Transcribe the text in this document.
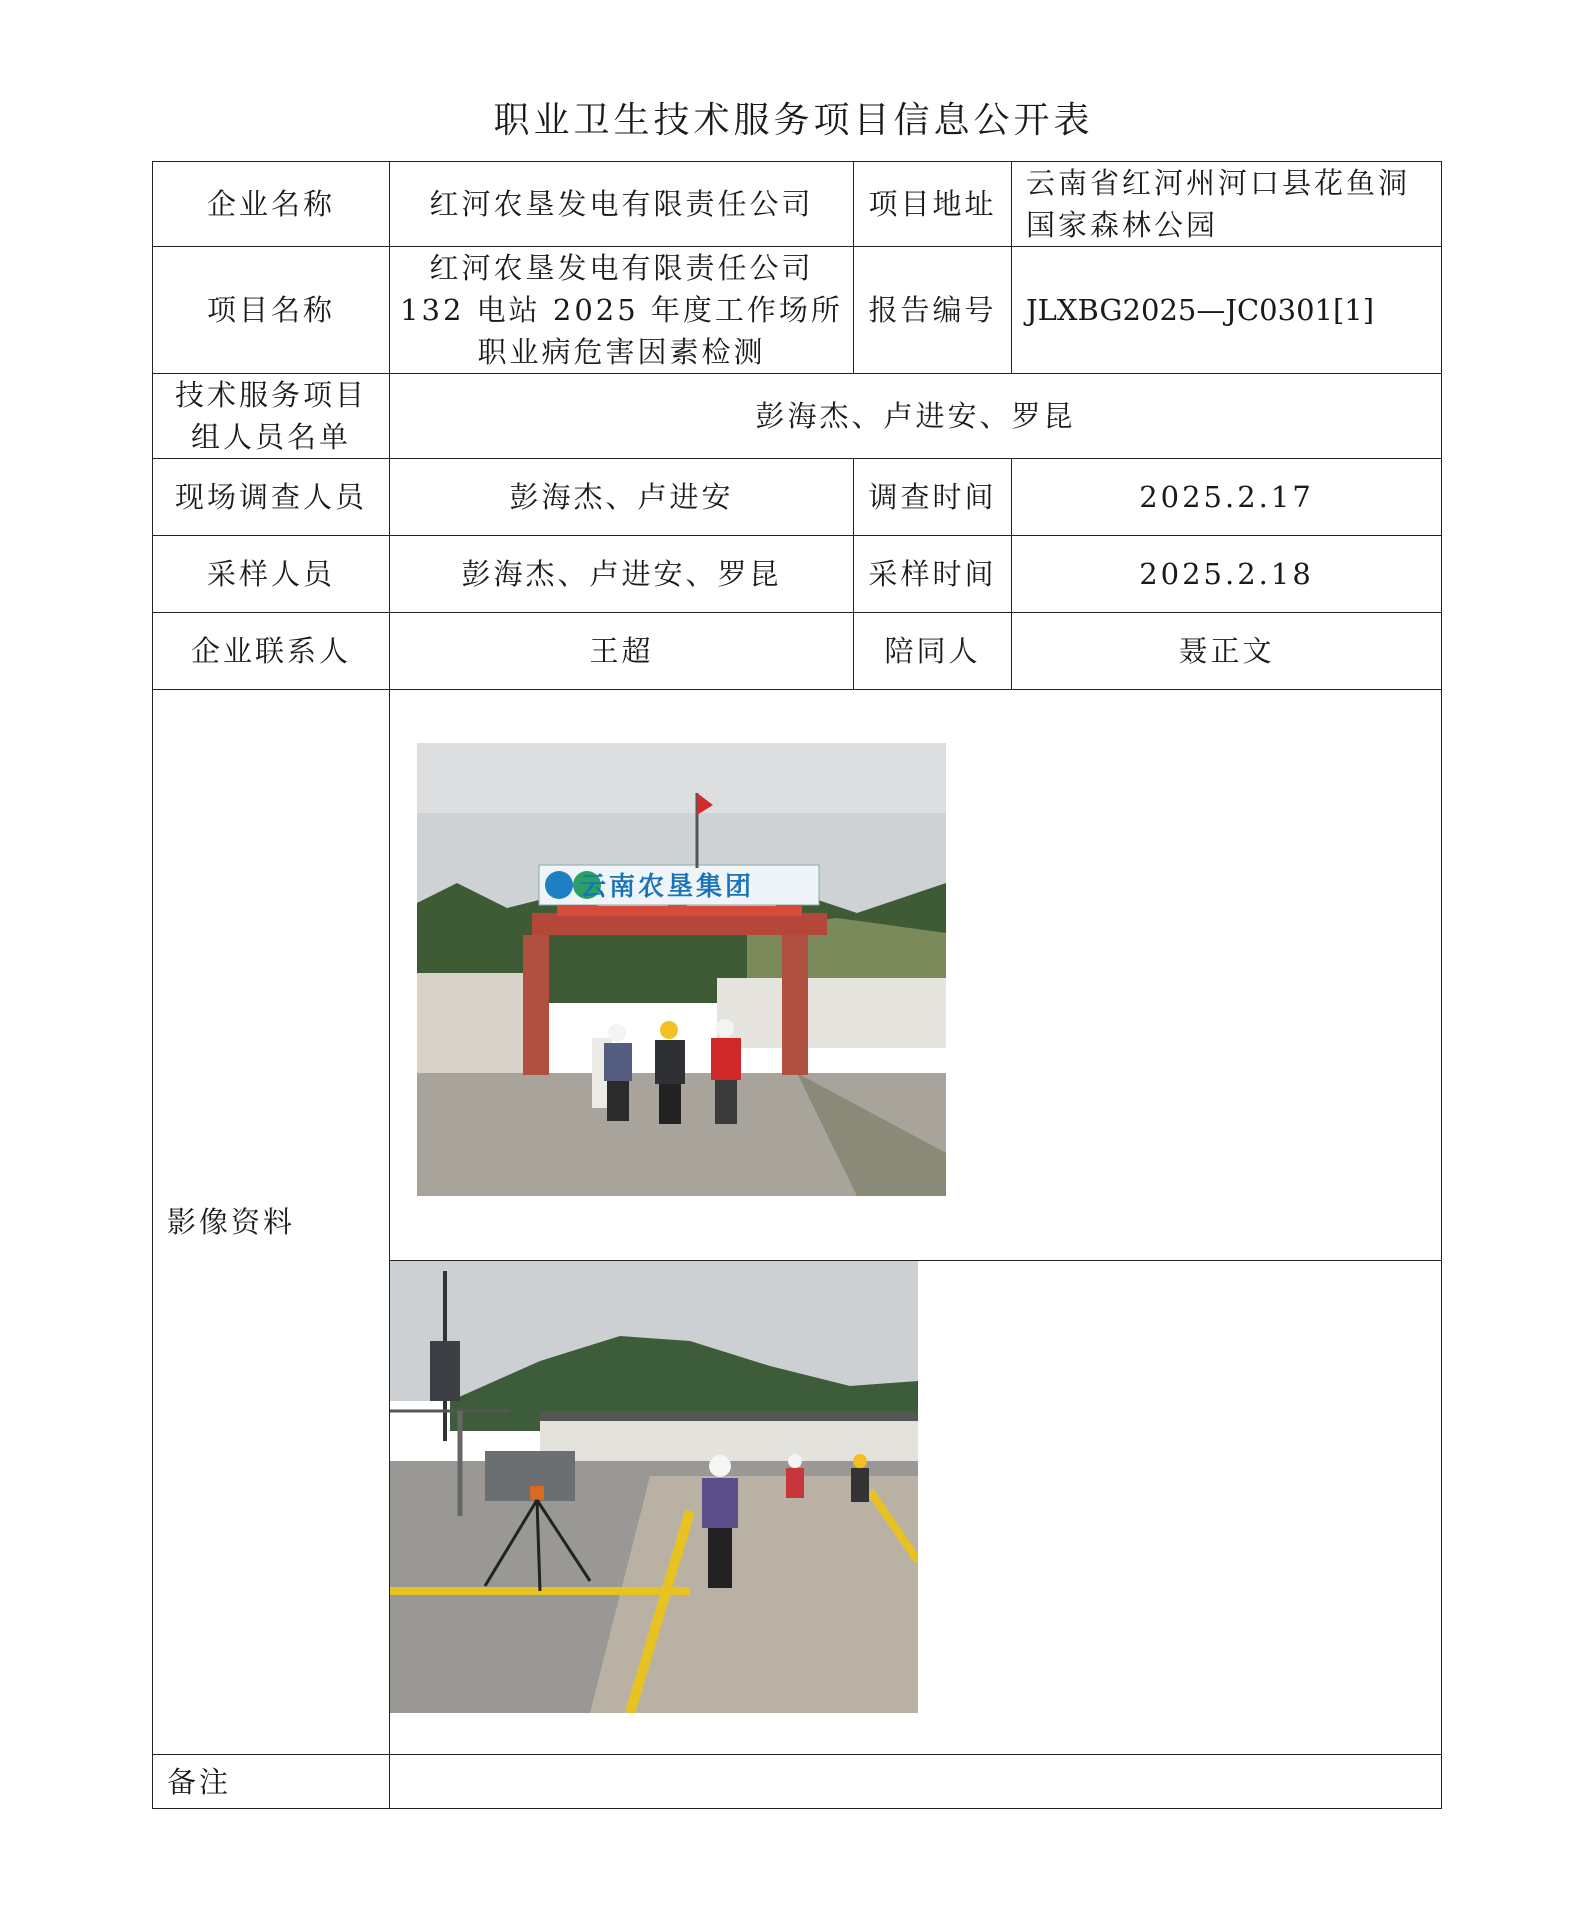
职业卫生技术服务项目信息公开表
企业名称	红河农垦发电有限责任公司	项目地址	云南省红河州河口县花鱼洞国家森林公园
项目名称	红河农垦发电有限责任公司132 电站 2025 年度工作场所职业病危害因素检测	报告编号	JLXBG2025—JC0301[1]
技术服务项目组人员名单	彭海杰、卢进安、罗昆		
现场调查人员	彭海杰、卢进安	调查时间	2025.2.17
采样人员	彭海杰、卢进安、罗昆	采样时间	2025.2.18
企业联系人	王超	陪同人	聂正文
影像资料	云南农垦集团		

备注			
